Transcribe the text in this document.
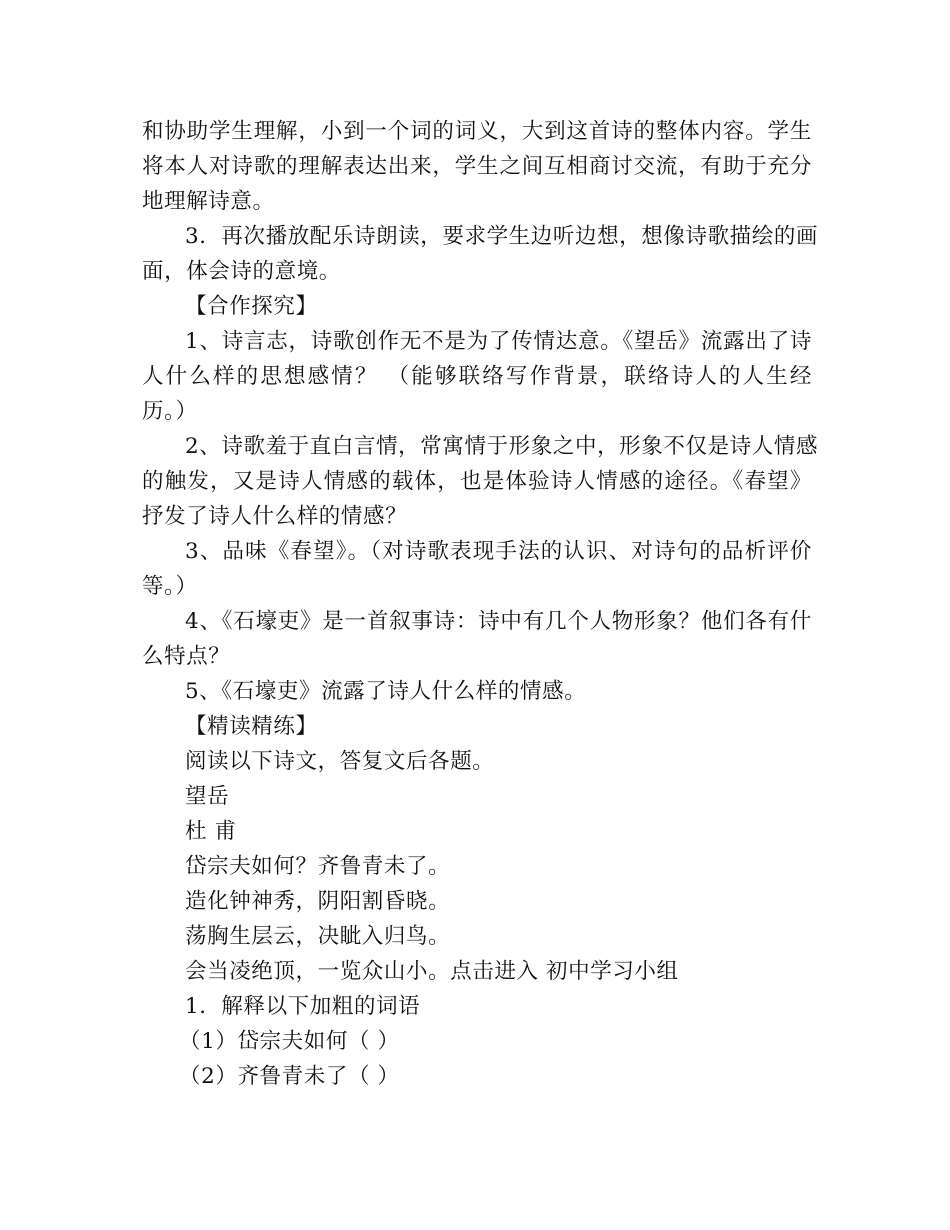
和协助学生理解，小到一个词的词义，大到这首诗的整体内容。学生
将本人对诗歌的理解表达出来，学生之间互相商讨交流，有助于充分
地理解诗意。
3．再次播放配乐诗朗读，要求学生边听边想，想像诗歌描绘的画
面，体会诗的意境。
【合作探究】
1、诗言志，诗歌创作无不是为了传情达意。《望岳》流露出了诗
人什么样的思想感情？ （能够联络写作背景，联络诗人的人生经
历。）
2、诗歌羞于直白言情，常寓情于形象之中，形象不仅是诗人情感
的触发，又是诗人情感的载体，也是体验诗人情感的途径。《春望》
抒发了诗人什么样的情感？
3、品味《春望》。（对诗歌表现手法的认识、对诗句的品析评价
等。）
4、《石壕吏》是一首叙事诗：诗中有几个人物形象？他们各有什
么特点？
5、《石壕吏》流露了诗人什么样的情感。
【精读精练】
阅读以下诗文，答复文后各题。
望岳
杜 甫
岱宗夫如何？齐鲁青未了。
造化钟神秀，阴阳割昏晓。
荡胸生层云，决眦入归鸟。
会当凌绝顶，一览众山小。点击进入 初中学习小组
1．解释以下加粗的词语
（1）岱宗夫如何（ ）
（2）齐鲁青未了（ ）
